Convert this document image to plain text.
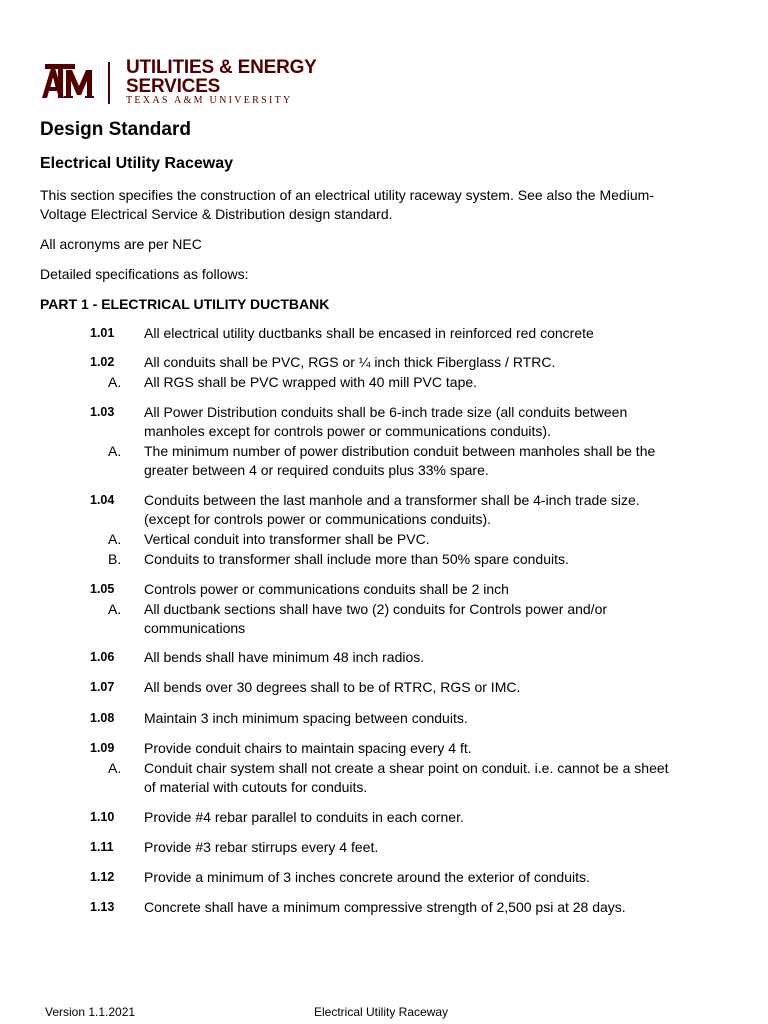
UTILITIES & ENERGY
SERVICES
TEXAS A&M UNIVERSITY
Design Standard
Electrical Utility Raceway
This section specifies the construction of an electrical utility raceway system. See also the Medium-Voltage Electrical Service & Distribution design standard.
All acronyms are per NEC
Detailed specifications as follows:
PART 1 - ELECTRICAL UTILITY DUCTBANK
1.01 All electrical utility ductbanks shall be encased in reinforced red concrete
1.02 All conduits shall be PVC, RGS or ¼ inch thick Fiberglass / RTRC.
A. All RGS shall be PVC wrapped with 40 mill PVC tape.
1.03 All Power Distribution conduits shall be 6-inch trade size (all conduits between manholes except for controls power or communications conduits).
A. The minimum number of power distribution conduit between manholes shall be the greater between 4 or required conduits plus 33% spare.
1.04 Conduits between the last manhole and a transformer shall be 4-inch trade size. (except for controls power or communications conduits).
A. Vertical conduit into transformer shall be PVC.
B. Conduits to transformer shall include more than 50% spare conduits.
1.05 Controls power or communications conduits shall be 2 inch
A. All ductbank sections shall have two (2) conduits for Controls power and/or communications
1.06 All bends shall have minimum 48 inch radios.
1.07 All bends over 30 degrees shall to be of RTRC, RGS or IMC.
1.08 Maintain 3 inch minimum spacing between conduits.
1.09 Provide conduit chairs to maintain spacing every 4 ft.
A. Conduit chair system shall not create a shear point on conduit. i.e. cannot be a sheet of material with cutouts for conduits.
1.10 Provide #4 rebar parallel to conduits in each corner.
1.11 Provide #3 rebar stirrups every 4 feet.
1.12 Provide a minimum of 3 inches concrete around the exterior of conduits.
1.13 Concrete shall have a minimum compressive strength of 2,500 psi at 28 days.
Version 1.1.2021	Electrical Utility Raceway
